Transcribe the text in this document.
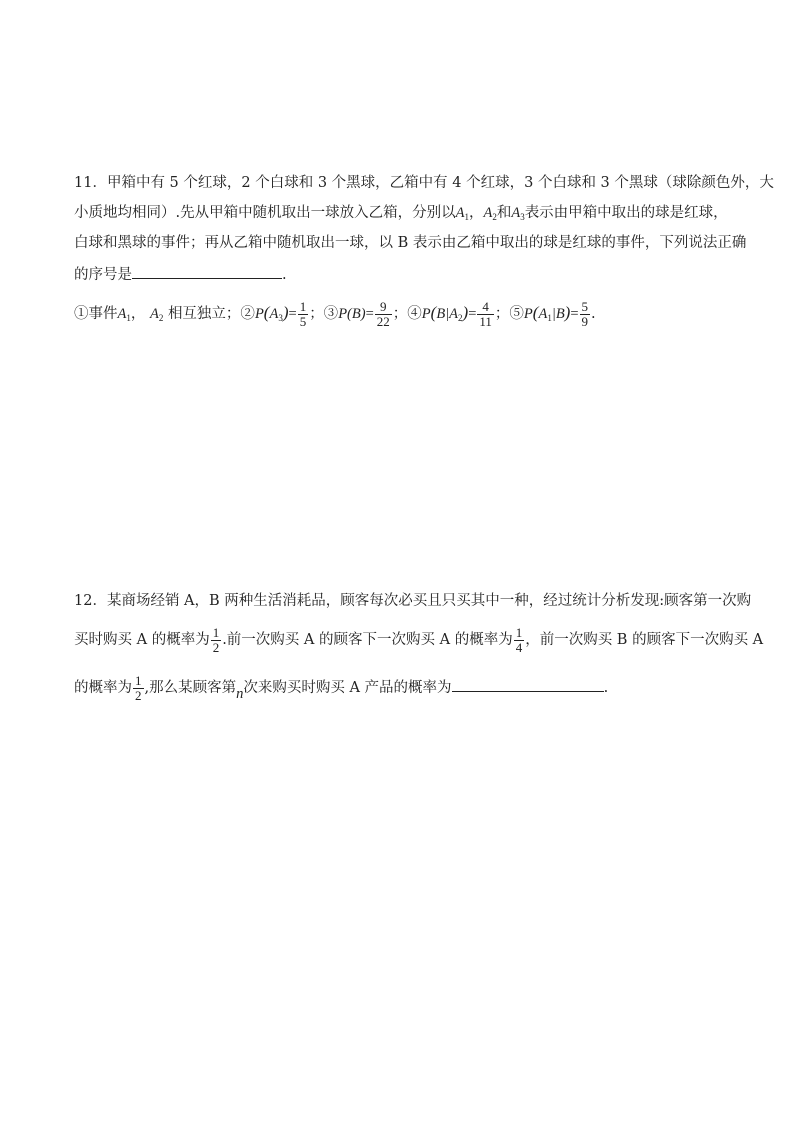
11．甲箱中有 5 个红球，2 个白球和 3 个黑球，乙箱中有 4 个红球，3 个白球和 3 个黑球（球除颜色外，大
小质地均相同）.先从甲箱中随机取出一球放入乙箱，分别以$A_1$，$A_2$和$A_3$表示由甲箱中取出的球是红球，
白球和黑球的事件；再从乙箱中随机取出一球，以 B 表示由乙箱中取出的球是红球的事件，下列说法正确
的序号是	.
①事件$A_1$， $A_2$ 相互独立；$②P(A_3)= \frac{1}{5}$ ；③P(B)= $\frac{9}{22}$ ；$④P(B|A_2)= \frac{4}{11}$ ；$⑤P(A_1|B)= \frac{5}{9}$ .
12．某商场经销 A，B 两种生活消耗品，顾客每次必买且只买其中一种，经过统计分析发现:顾客第一次购
买时购买 A 的概率为 $\frac{1}{2}$ .前一次购买 A 的顾客下一次购买 A 的概率为 $\frac{1}{4}$ ，前一次购买 B 的顾客下一次购买 A
的概率为 $\frac{1}{2}$ ,那么某顾客第n次来购买时购买 A 产品的概率为	.
